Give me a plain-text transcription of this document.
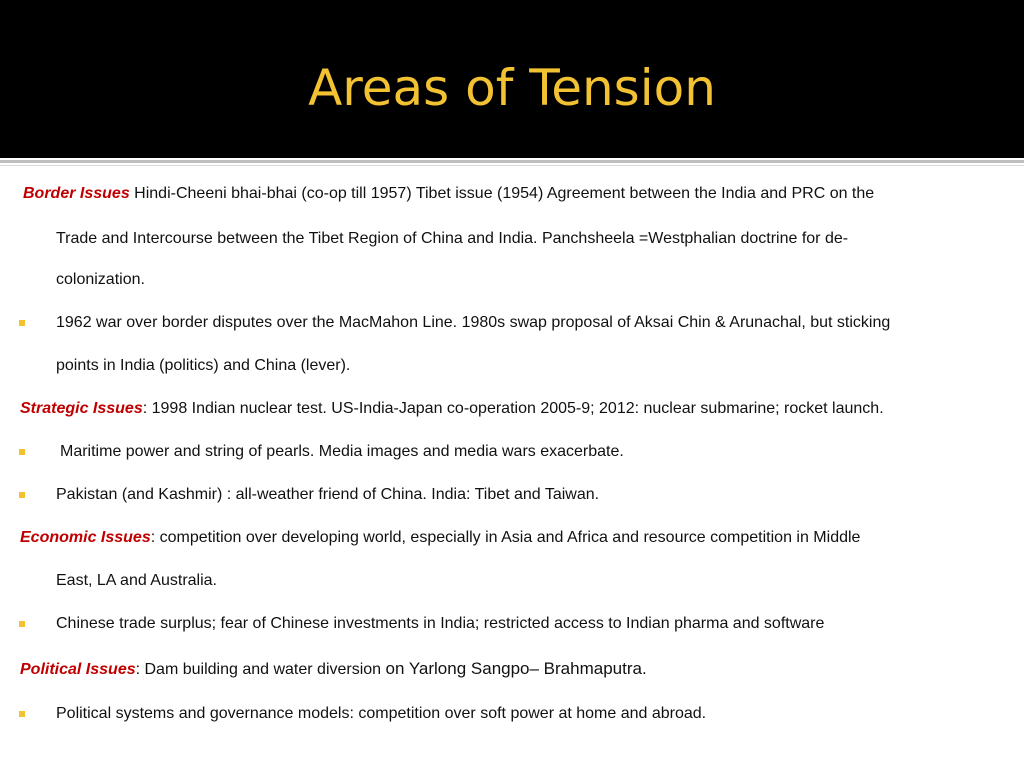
Areas of Tension
Border Issues Hindi-Cheeni bhai-bhai (co-op till 1957) Tibet issue (1954) Agreement between the India and PRC on the
Trade and Intercourse between the Tibet Region of China and India. Panchsheela =Westphalian doctrine for de-
colonization.
1962 war over border disputes over the MacMahon Line. 1980s swap proposal of Aksai Chin & Arunachal, but sticking
points in India (politics) and China (lever).
Strategic Issues: 1998 Indian nuclear test. US-India-Japan co-operation 2005-9; 2012: nuclear submarine; rocket launch.
Maritime power and string of pearls. Media images and media wars exacerbate.
Pakistan (and Kashmir) : all-weather friend of China. India: Tibet and Taiwan.
Economic Issues: competition over developing world, especially in Asia and Africa and resource competition in Middle
East, LA and Australia.
Chinese trade surplus; fear of Chinese investments in India; restricted access to Indian pharma and software
Political Issues: Dam building and water diversion on Yarlong Sangpo– Brahmaputra.
Political systems and governance models: competition over soft power at home and abroad.
